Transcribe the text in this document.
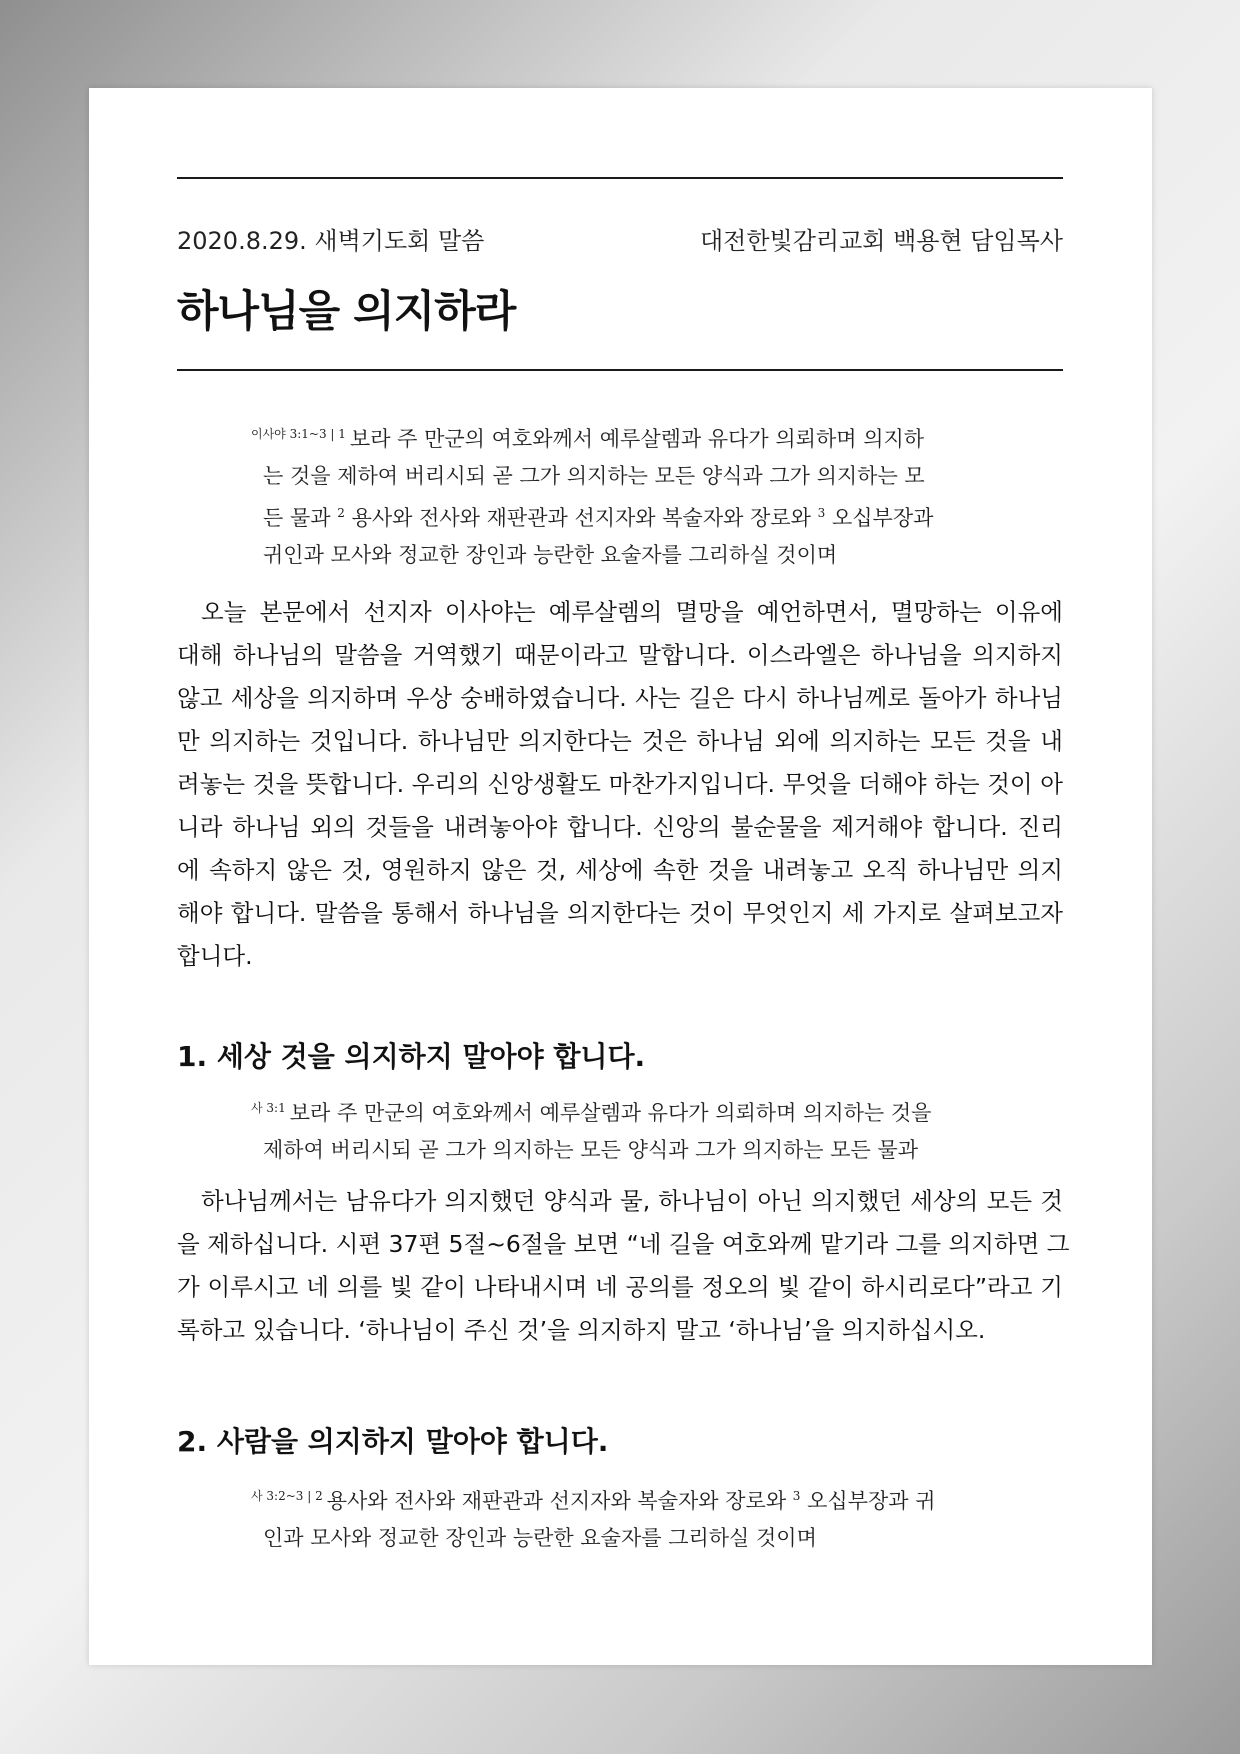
2020.8.29. 새벽기도회 말씀	대전한빛감리교회 백용현 담임목사
하나님을 의지하라
$^{이사야 3:1\sim 3 | 1}$ 보라 주 만군의 여호와께서 예루살렘과 유다가 의뢰하며 의지하
는 것을 제하여 버리시되 곧 그가 의지하는 모든 양식과 그가 의지하는 모
든 물과 $^2$ 용사와 전사와 재판관과 선지자와 복술자와 장로와 $^3$ 오십부장과
귀인과 모사와 정교한 장인과 능란한 요술자를 그리하실 것이며
오늘 본문에서 선지자 이사야는 예루살렘의 멸망을 예언하면서, 멸망하는 이유에
대해 하나님의 말씀을 거역했기 때문이라고 말합니다. 이스라엘은 하나님을 의지하지
않고 세상을 의지하며 우상 숭배하였습니다. 사는 길은 다시 하나님께로 돌아가 하나님
만 의지하는 것입니다. 하나님만 의지한다는 것은 하나님 외에 의지하는 모든 것을 내
려놓는 것을 뜻합니다. 우리의 신앙생활도 마찬가지입니다. 무엇을 더해야 하는 것이 아
니라 하나님 외의 것들을 내려놓아야 합니다. 신앙의 불순물을 제거해야 합니다. 진리
에 속하지 않은 것, 영원하지 않은 것, 세상에 속한 것을 내려놓고 오직 하나님만 의지
해야 합니다. 말씀을 통해서 하나님을 의지한다는 것이 무엇인지 세 가지로 살펴보고자
합니다.
1. 세상 것을 의지하지 말아야 합니다.
$^{사 3:1}$ 보라 주 만군의 여호와께서 예루살렘과 유다가 의뢰하며 의지하는 것을
제하여 버리시되 곧 그가 의지하는 모든 양식과 그가 의지하는 모든 물과
하나님께서는 남유다가 의지했던 양식과 물, 하나님이 아닌 의지했던 세상의 모든 것
을 제하십니다. 시편 37편 5절~6절을 보면 “네 길을 여호와께 맡기라 그를 의지하면 그
가 이루시고 네 의를 빛 같이 나타내시며 네 공의를 정오의 빛 같이 하시리로다”라고 기
록하고 있습니다. ‘하나님이 주신 것’을 의지하지 말고 ‘하나님’을 의지하십시오.
2. 사람을 의지하지 말아야 합니다.
$^{사 3:2\sim 3 | 2}$ 용사와 전사와 재판관과 선지자와 복술자와 장로와 $^3$ 오십부장과 귀
인과 모사와 정교한 장인과 능란한 요술자를 그리하실 것이며
